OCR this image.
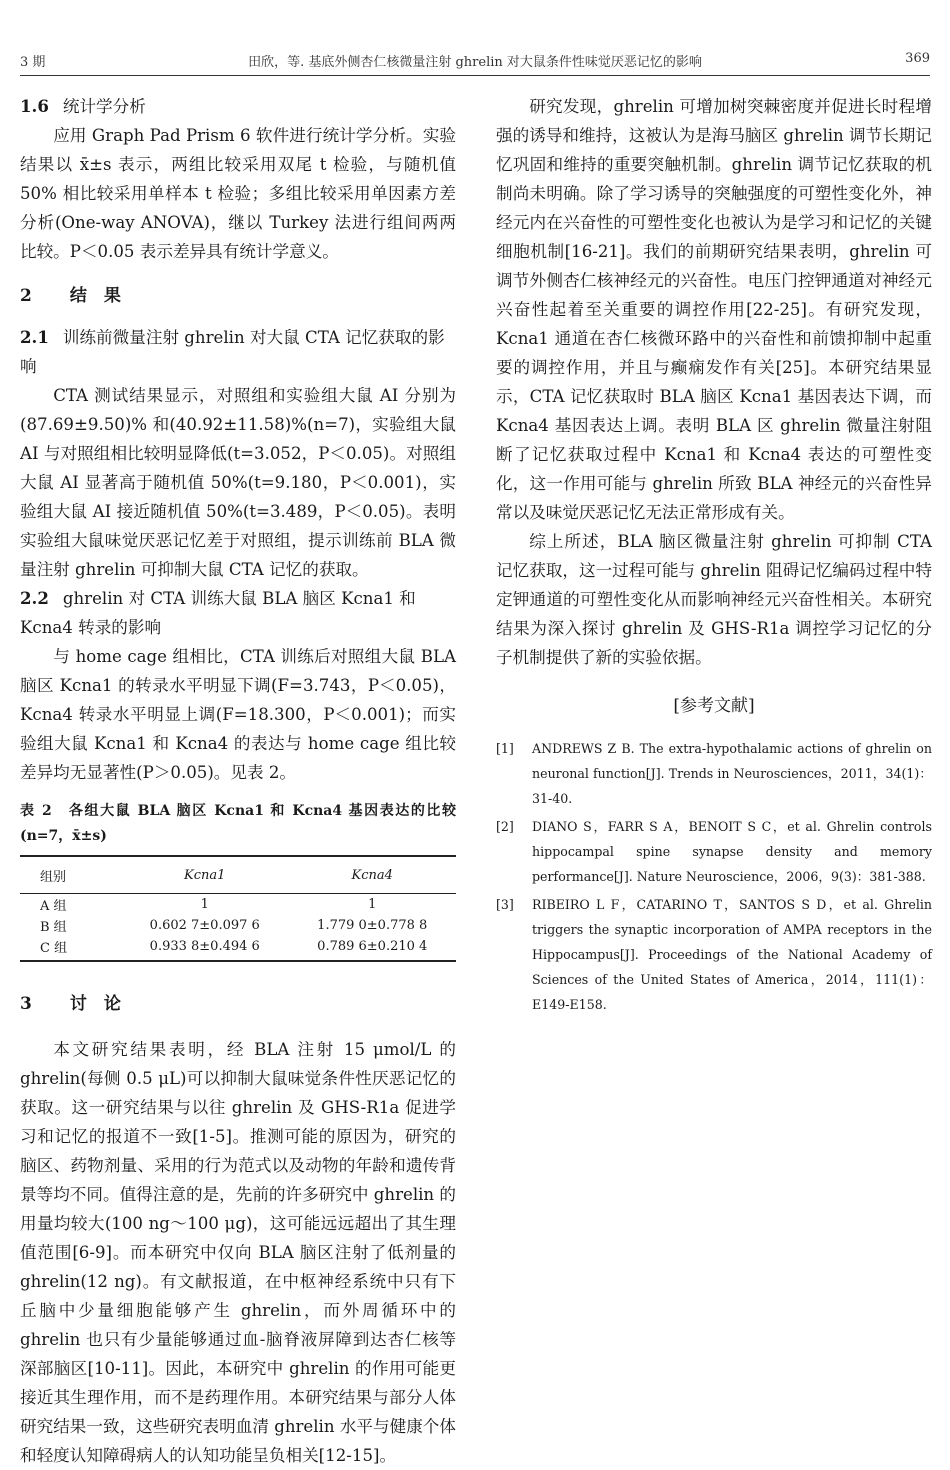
3 期	田欣，等. 基底外侧杏仁核微量注射 ghrelin 对大鼠条件性味觉厌恶记忆的影响	369

1.6 统计学分析

应用 Graph Pad Prism 6 软件进行统计学分析。实验结果以 x̄±s 表示，两组比较采用双尾 t 检验，与随机值 50% 相比较采用单样本 t 检验；多组比较采用单因素方差分析(One-way ANOVA)，继以 Turkey 法进行组间两两比较。P＜0.05 表示差异具有统计学意义。

2 结　果

2.1 训练前微量注射 ghrelin 对大鼠 CTA 记忆获取的影响

CTA 测试结果显示，对照组和实验组大鼠 AI 分别为(87.69±9.50)% 和(40.92±11.58)%(n=7)，实验组大鼠 AI 与对照组相比较明显降低(t=3.052，P＜0.05)。对照组大鼠 AI 显著高于随机值 50%(t=9.180，P＜0.001)，实验组大鼠 AI 接近随机值 50%(t=3.489，P＜0.05)。表明实验组大鼠味觉厌恶记忆差于对照组，提示训练前 BLA 微量注射 ghrelin 可抑制大鼠 CTA 记忆的获取。

2.2 ghrelin 对 CTA 训练大鼠 BLA 脑区 Kcna1 和 Kcna4 转录的影响

与 home cage 组相比，CTA 训练后对照组大鼠 BLA 脑区 Kcna1 的转录水平明显下调(F=3.743，P＜0.05)，Kcna4 转录水平明显上调(F=18.300，P＜0.001)；而实验组大鼠 Kcna1 和 Kcna4 的表达与 home cage 组比较差异均无显著性(P＞0.05)。见表 2。

表 2　各组大鼠 BLA 脑区 Kcna1 和 Kcna4 基因表达的比较(n=7，x̄±s)

组别	Kcna1	Kcna4
A 组	1	1
B 组	0.602 7±0.097 6	1.779 0±0.778 8
C 组	0.933 8±0.494 6	0.789 6±0.210 4

3 讨　论

本文研究结果表明，经 BLA 注射 15 μmol/L 的 ghrelin(每侧 0.5 μL)可以抑制大鼠味觉条件性厌恶记忆的获取。这一研究结果与以往 ghrelin 及 GHS-R1a 促进学习和记忆的报道不一致[1-5]。推测可能的原因为，研究的脑区、药物剂量、采用的行为范式以及动物的年龄和遗传背景等均不同。值得注意的是，先前的许多研究中 ghrelin 的用量均较大(100 ng～100 μg)，这可能远远超出了其生理值范围[6-9]。而本研究中仅向 BLA 脑区注射了低剂量的 ghrelin(12 ng)。有文献报道，在中枢神经系统中只有下丘脑中少量细胞能够产生 ghrelin，而外周循环中的 ghrelin 也只有少量能够通过血-脑脊液屏障到达杏仁核等深部脑区[10-11]。因此，本研究中 ghrelin 的作用可能更接近其生理作用，而不是药理作用。本研究结果与部分人体研究结果一致，这些研究表明血清 ghrelin 水平与健康个体和轻度认知障碍病人的认知功能呈负相关[12-15]。

研究发现，ghrelin 可增加树突棘密度并促进长时程增强的诱导和维持，这被认为是海马脑区 ghrelin 调节长期记忆巩固和维持的重要突触机制。ghrelin 调节记忆获取的机制尚未明确。除了学习诱导的突触强度的可塑性变化外，神经元内在兴奋性的可塑性变化也被认为是学习和记忆的关键细胞机制[16-21]。我们的前期研究结果表明，ghrelin 可调节外侧杏仁核神经元的兴奋性。电压门控钾通道对神经元兴奋性起着至关重要的调控作用[22-25]。有研究发现，Kcna1 通道在杏仁核微环路中的兴奋性和前馈抑制中起重要的调控作用，并且与癫痫发作有关[25]。本研究结果显示，CTA 记忆获取时 BLA 脑区 Kcna1 基因表达下调，而 Kcna4 基因表达上调。表明 BLA 区 ghrelin 微量注射阻断了记忆获取过程中 Kcna1 和 Kcna4 表达的可塑性变化，这一作用可能与 ghrelin 所致 BLA 神经元的兴奋性异常以及味觉厌恶记忆无法正常形成有关。

综上所述，BLA 脑区微量注射 ghrelin 可抑制 CTA 记忆获取，这一过程可能与 ghrelin 阻碍记忆编码过程中特定钾通道的可塑性变化从而影响神经元兴奋性相关。本研究结果为深入探讨 ghrelin 及 GHS-R1a 调控学习记忆的分子机制提供了新的实验依据。

[参考文献]

[1]	ANDREWS Z B. The extra-hypothalamic actions of ghrelin on neuronal function[J]. Trends in Neurosciences，2011，34(1)：31-40.
[2]	DIANO S，FARR S A，BENOIT S C，et al. Ghrelin controls hippocampal spine synapse density and memory performance[J]. Nature Neuroscience，2006，9(3)：381-388.
[3]	RIBEIRO L F，CATARINO T，SANTOS S D，et al. Ghrelin triggers the synaptic incorporation of AMPA receptors in the Hippocampus[J]. Proceedings of the National Academy of Sciences of the United States of America，2014，111(1)：E149-E158.
